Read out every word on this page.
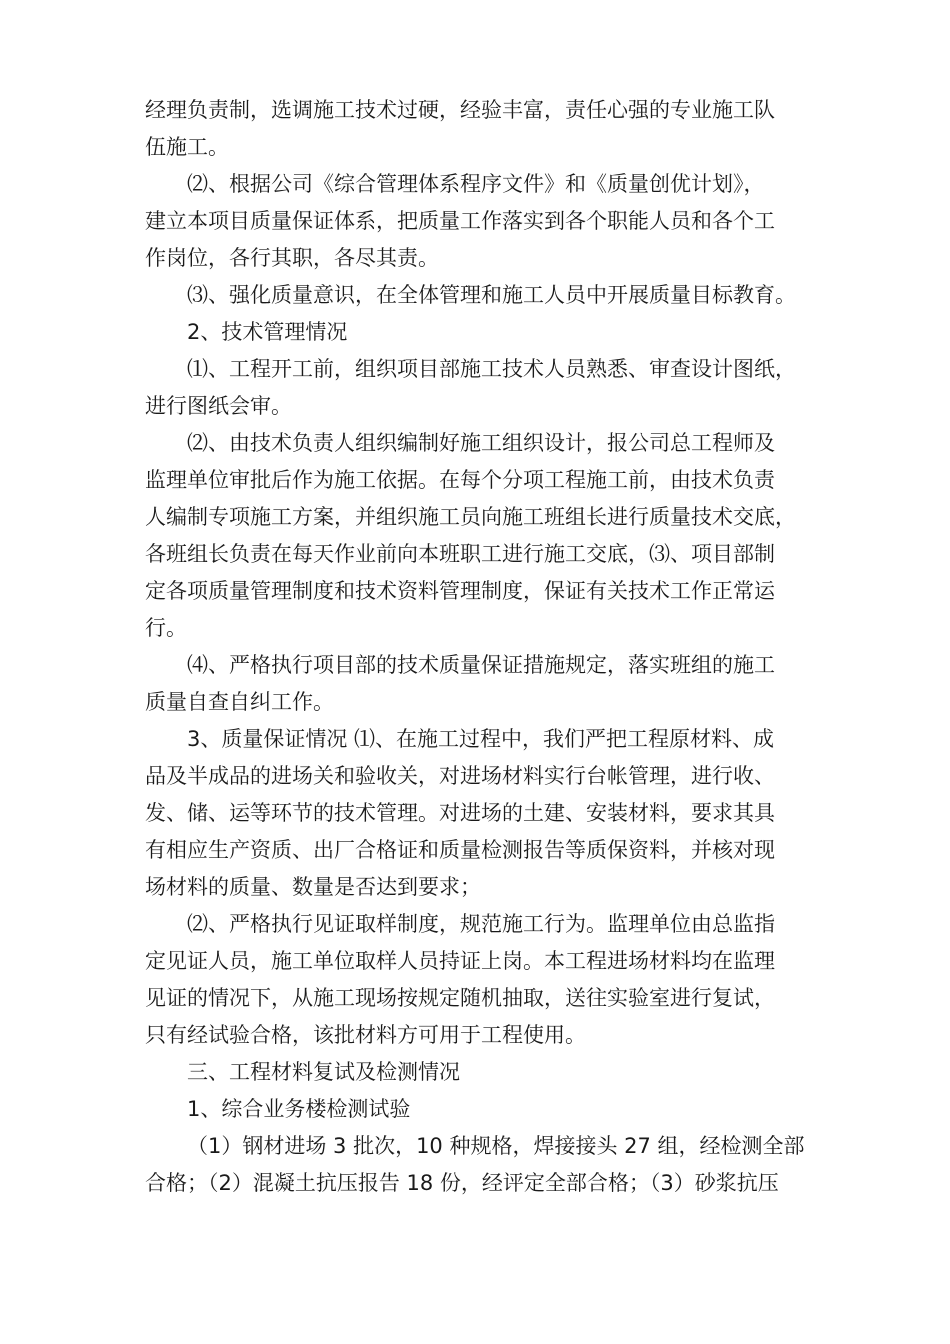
经理负责制，选调施工技术过硬，经验丰富，责任心强的专业施工队
伍施工。
⑵、根据公司《综合管理体系程序文件》和《质量创优计划》，
建立本项目质量保证体系，把质量工作落实到各个职能人员和各个工
作岗位，各行其职，各尽其责。
⑶、强化质量意识，在全体管理和施工人员中开展质量目标教育。
2、技术管理情况
⑴、工程开工前，组织项目部施工技术人员熟悉、审查设计图纸，
进行图纸会审。
⑵、由技术负责人组织编制好施工组织设计，报公司总工程师及
监理单位审批后作为施工依据。在每个分项工程施工前，由技术负责
人编制专项施工方案，并组织施工员向施工班组长进行质量技术交底，
各班组长负责在每天作业前向本班职工进行施工交底，⑶、项目部制
定各项质量管理制度和技术资料管理制度，保证有关技术工作正常运
行。
⑷、严格执行项目部的技术质量保证措施规定，落实班组的施工
质量自查自纠工作。
3、质量保证情况 ⑴、在施工过程中，我们严把工程原材料、成
品及半成品的进场关和验收关，对进场材料实行台帐管理，进行收、
发、储、运等环节的技术管理。对进场的土建、安装材料，要求其具
有相应生产资质、出厂合格证和质量检测报告等质保资料，并核对现
场材料的质量、数量是否达到要求；
⑵、严格执行见证取样制度，规范施工行为。监理单位由总监指
定见证人员，施工单位取样人员持证上岗。本工程进场材料均在监理
见证的情况下，从施工现场按规定随机抽取，送往实验室进行复试，
只有经试验合格，该批材料方可用于工程使用。
三、工程材料复试及检测情况
1、综合业务楼检测试验
（1）钢材进场 3 批次，10 种规格，焊接接头 27 组，经检测全部
合格；（2）混凝土抗压报告 18 份，经评定全部合格；（3）砂浆抗压
